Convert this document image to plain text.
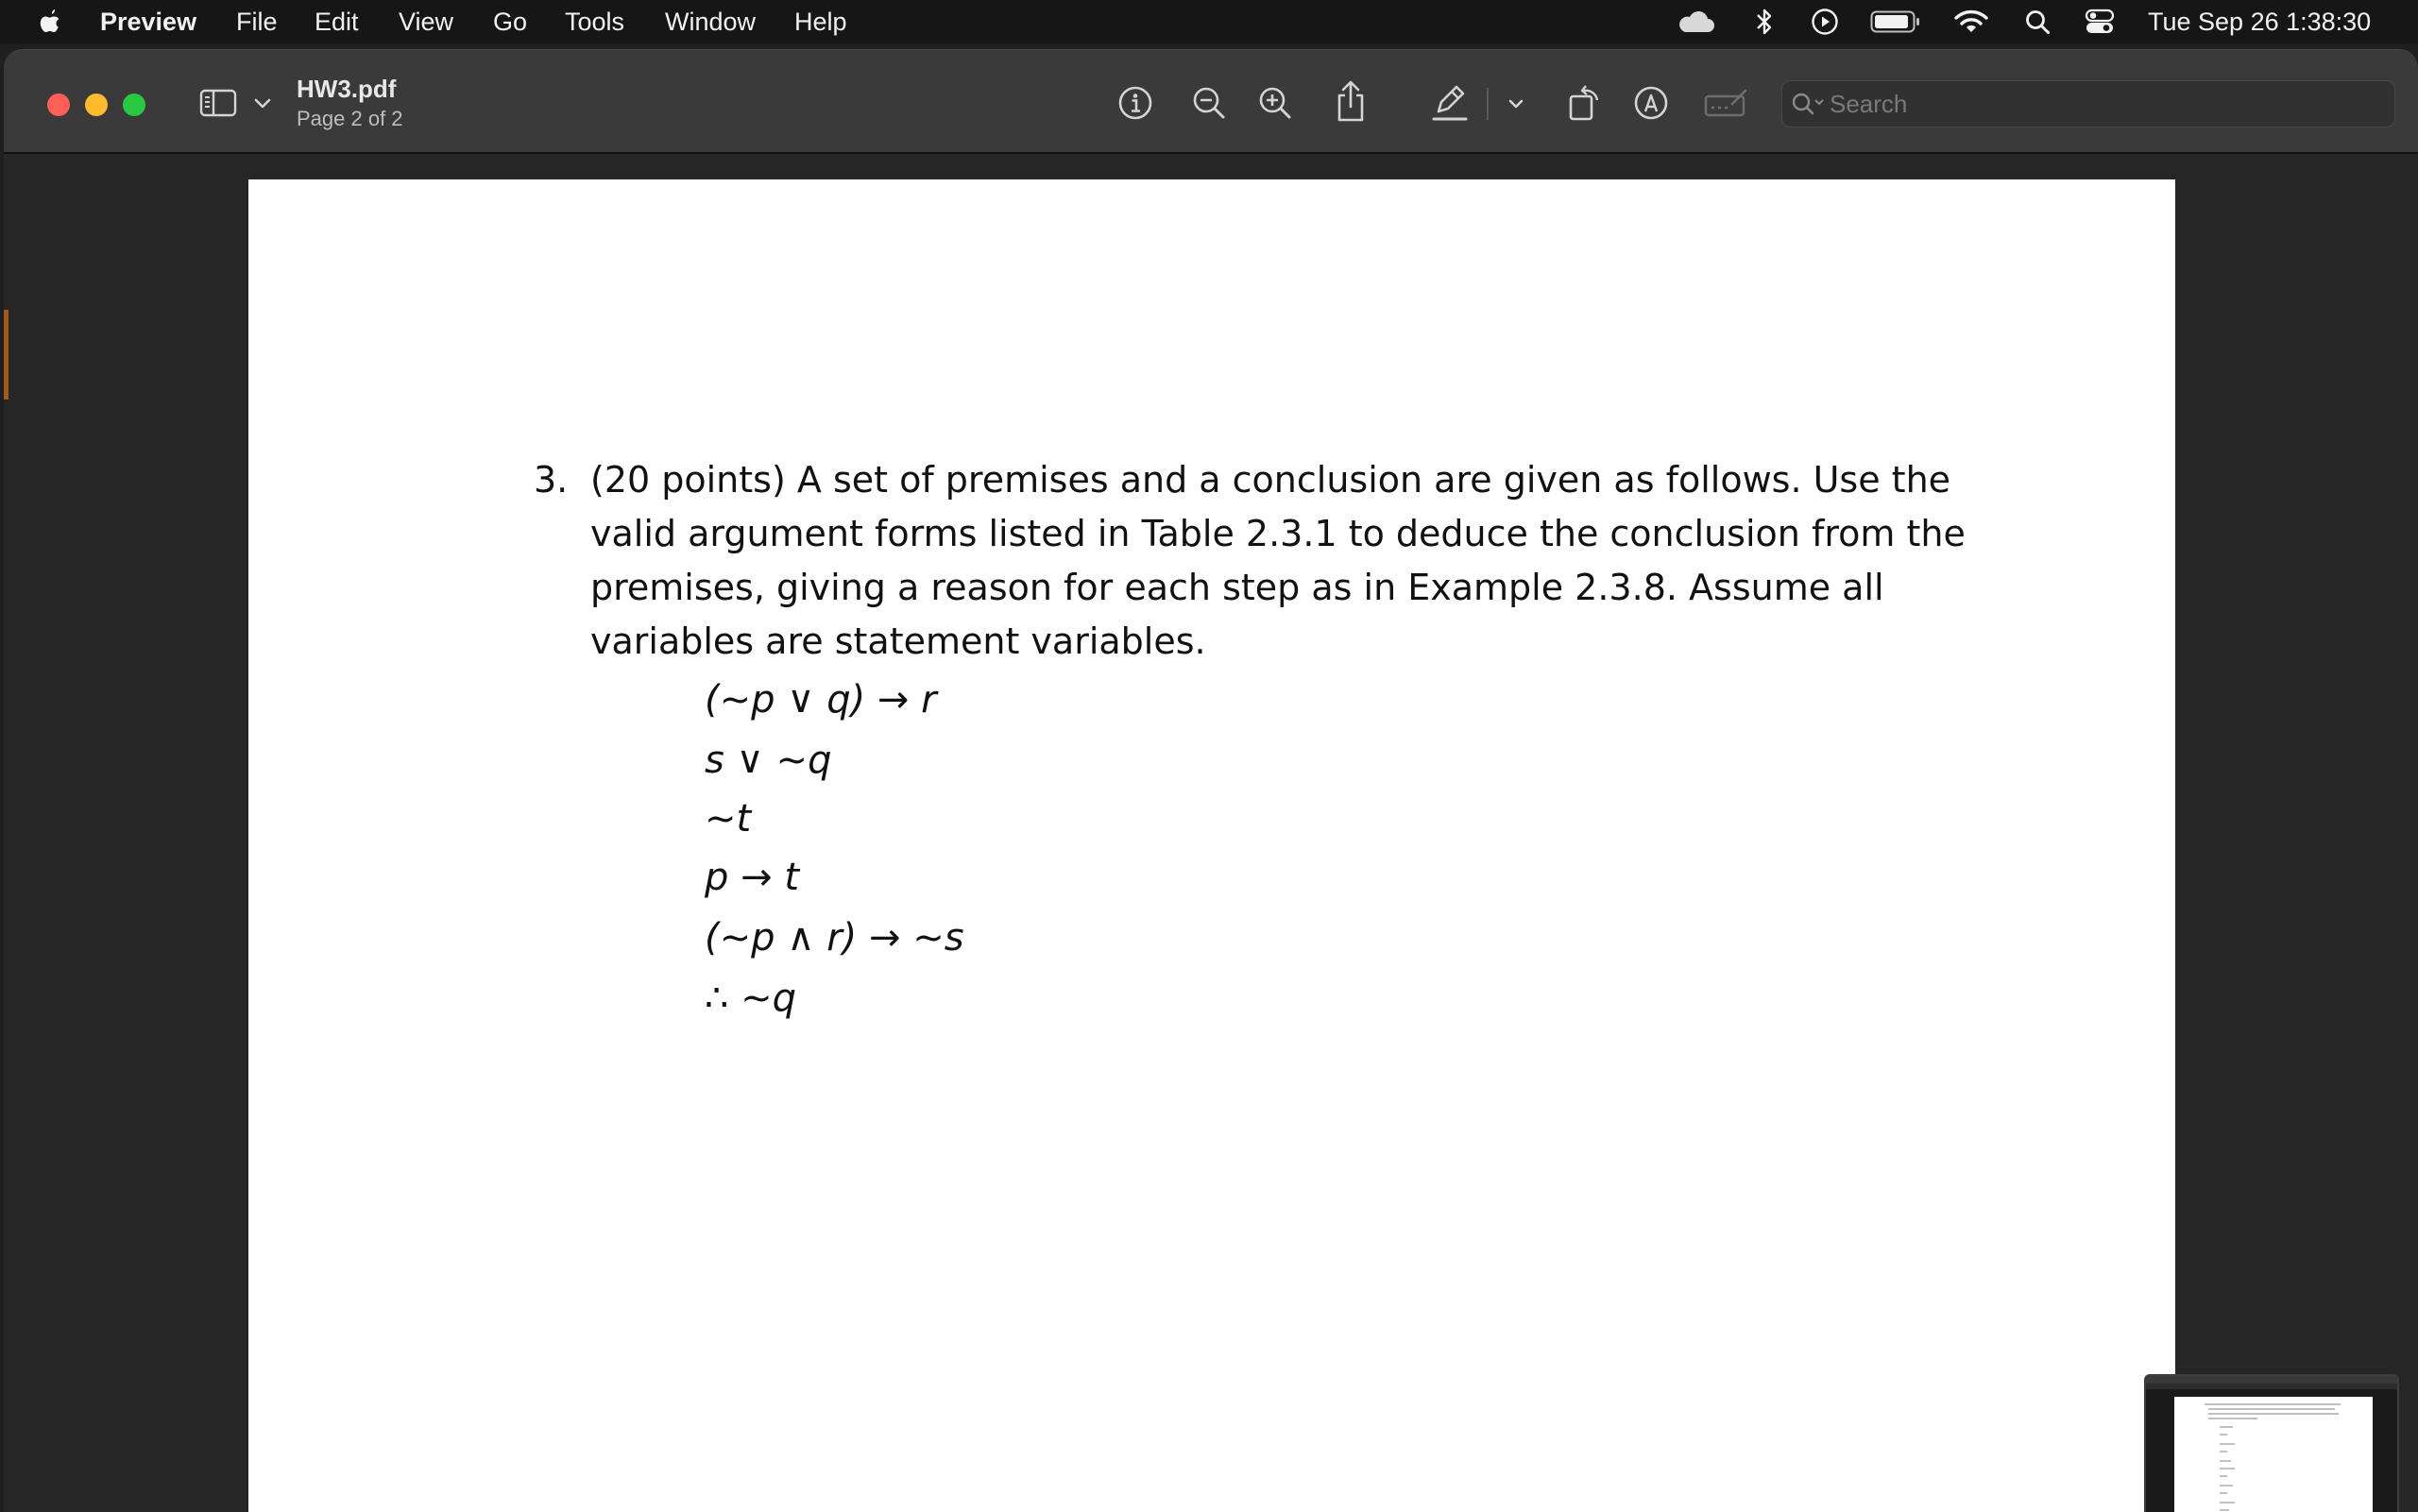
Preview File Edit View Go Tools Window Help	Tue Sep 26 1:38:30
HW3.pdf
Page 2 of 2
Search
3. (20 points) A set of premises and a conclusion are given as follows. Use the valid argument forms listed in Table 2.3.1 to deduce the conclusion from the premises, giving a reason for each step as in Example 2.3.8. Assume all variables are statement variables.
(~p ∨ q) → r
s ∨ ~q
~t
p → t
(~p ∧ r) → ~s
∴ ~q
